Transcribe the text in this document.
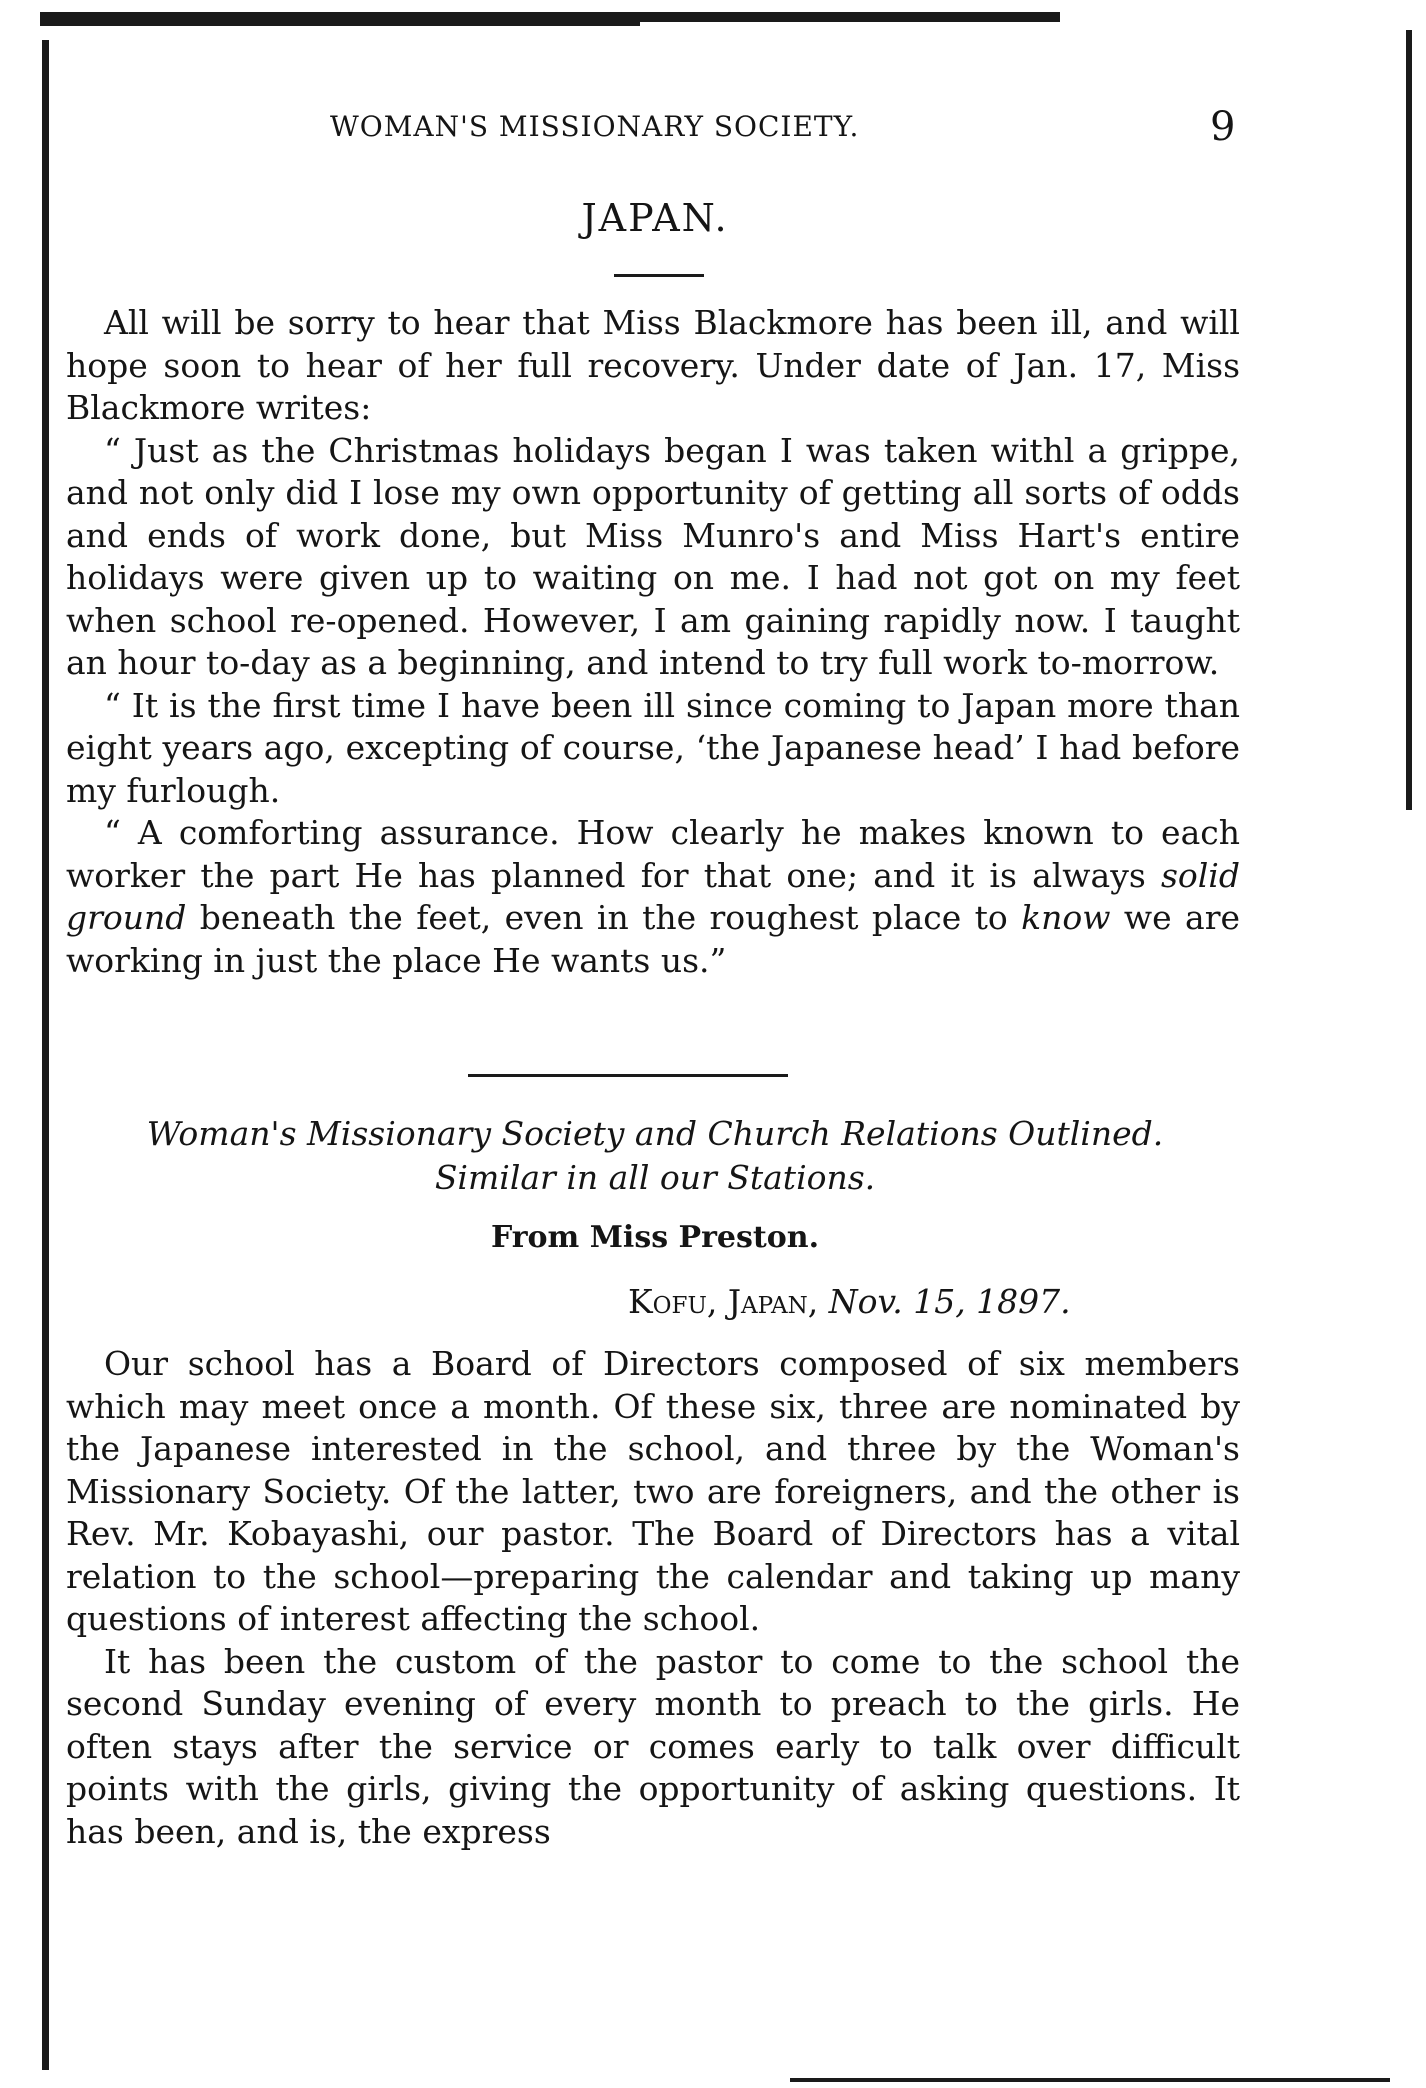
WOMAN'S MISSIONARY SOCIETY.	9
JAPAN.

All will be sorry to hear that Miss Blackmore has been ill, and will hope soon to hear of her full recovery. Under date of Jan. 17, Miss Blackmore writes:

“ Just as the Christmas holidays began I was taken withl a grippe, and not only did I lose my own opportunity of getting all sorts of odds and ends of work done, but Miss Munro's and Miss Hart's entire holidays were given up to waiting on me. I had not got on my feet when school re-opened. However, I am gaining rapidly now. I taught an hour to-day as a beginning, and intend to try full work to-morrow.

“ It is the first time I have been ill since coming to Japan more than eight years ago, excepting of course, ‘the Japanese head’ I had before my furlough.

“ A comforting assurance. How clearly he makes known to each worker the part He has planned for that one; and it is always solid ground beneath the feet, even in the roughest place to know we are working in just the place He wants us.”

Woman's Missionary Society and Church Relations Outlined.
Similar in all our Stations.
From Miss Preston.
Kofu, Japan, Nov. 15, 1897.

Our school has a Board of Directors composed of six members which may meet once a month. Of these six, three are nominated by the Japanese interested in the school, and three by the Woman's Missionary Society. Of the latter, two are foreigners, and the other is Rev. Mr. Kobayashi, our pastor. The Board of Directors has a vital relation to the school—preparing the calendar and taking up many questions of interest affecting the school.

It has been the custom of the pastor to come to the school the second Sunday evening of every month to preach to the girls. He often stays after the service or comes early to talk over difficult points with the girls, giving the opportunity of asking questions. It has been, and is, the express
